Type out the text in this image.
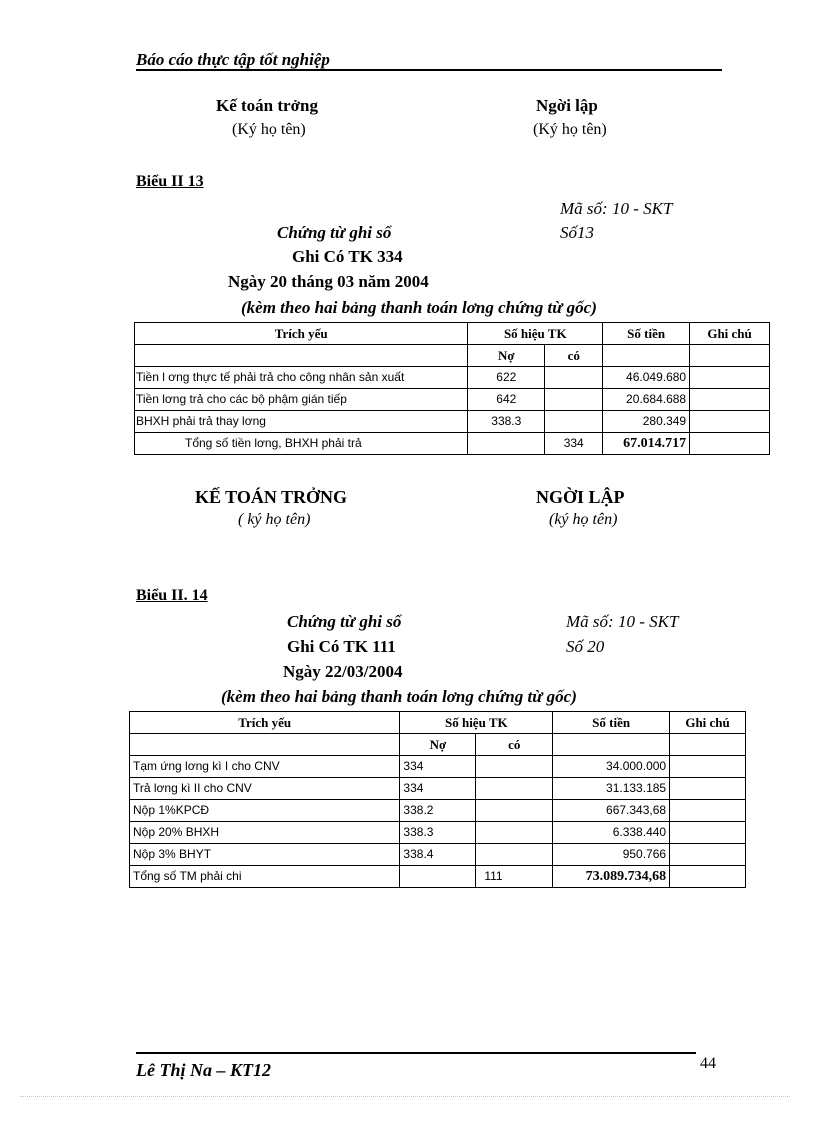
Báo cáo thực tập tốt nghiệp
Kế toán trởng
(Ký họ tên)
Ngời lập
(Ký họ tên)
Biểu II 13
Mã số: 10 - SKT
Chứng từ ghi sổ	Số13
Ghi Có TK 334
Ngày 20 tháng 03 năm 2004
(kèm theo hai bảng thanh toán lơng chứng từ gốc)
Trích yếu	Số hiệu TK		Số tiền	Ghi chú
	Nợ	có		
Tiền l ơng thực tế phải trả cho công nhân sản xuất	622		46.049.680	
Tiền lơng trả cho các bộ phậm gián tiếp	642		20.684.688	
BHXH phải trả thay lơng	338.3		280.349	
Tổng số tiền lơng, BHXH phải trả		334	67.014.717	
KẾ TOÁN TRỞNG
( ký họ tên)
NGỜI LẬP
(ký họ tên)
Biểu II. 14
Chứng từ ghi sổ	Mã số: 10 - SKT
Ghi Có TK 111	Số 20
Ngày 22/03/2004
(kèm theo hai bảng thanh toán lơng chứng từ gốc)
Trích yếu	Số hiệu TK		Số tiền	Ghi chú
	Nợ	có		
Tạm ứng lơng kì I cho CNV	334		34.000.000	
Trả lơng kì II cho CNV	334		31.133.185	
Nộp 1%KPCĐ	338.2		667.343,68	
Nộp 20% BHXH	338.3		6.338.440	
Nộp 3% BHYT	338.4		950.766	
Tổng số TM phải chi		111	73.089.734,68	
Lê Thị Na – KT12	44
